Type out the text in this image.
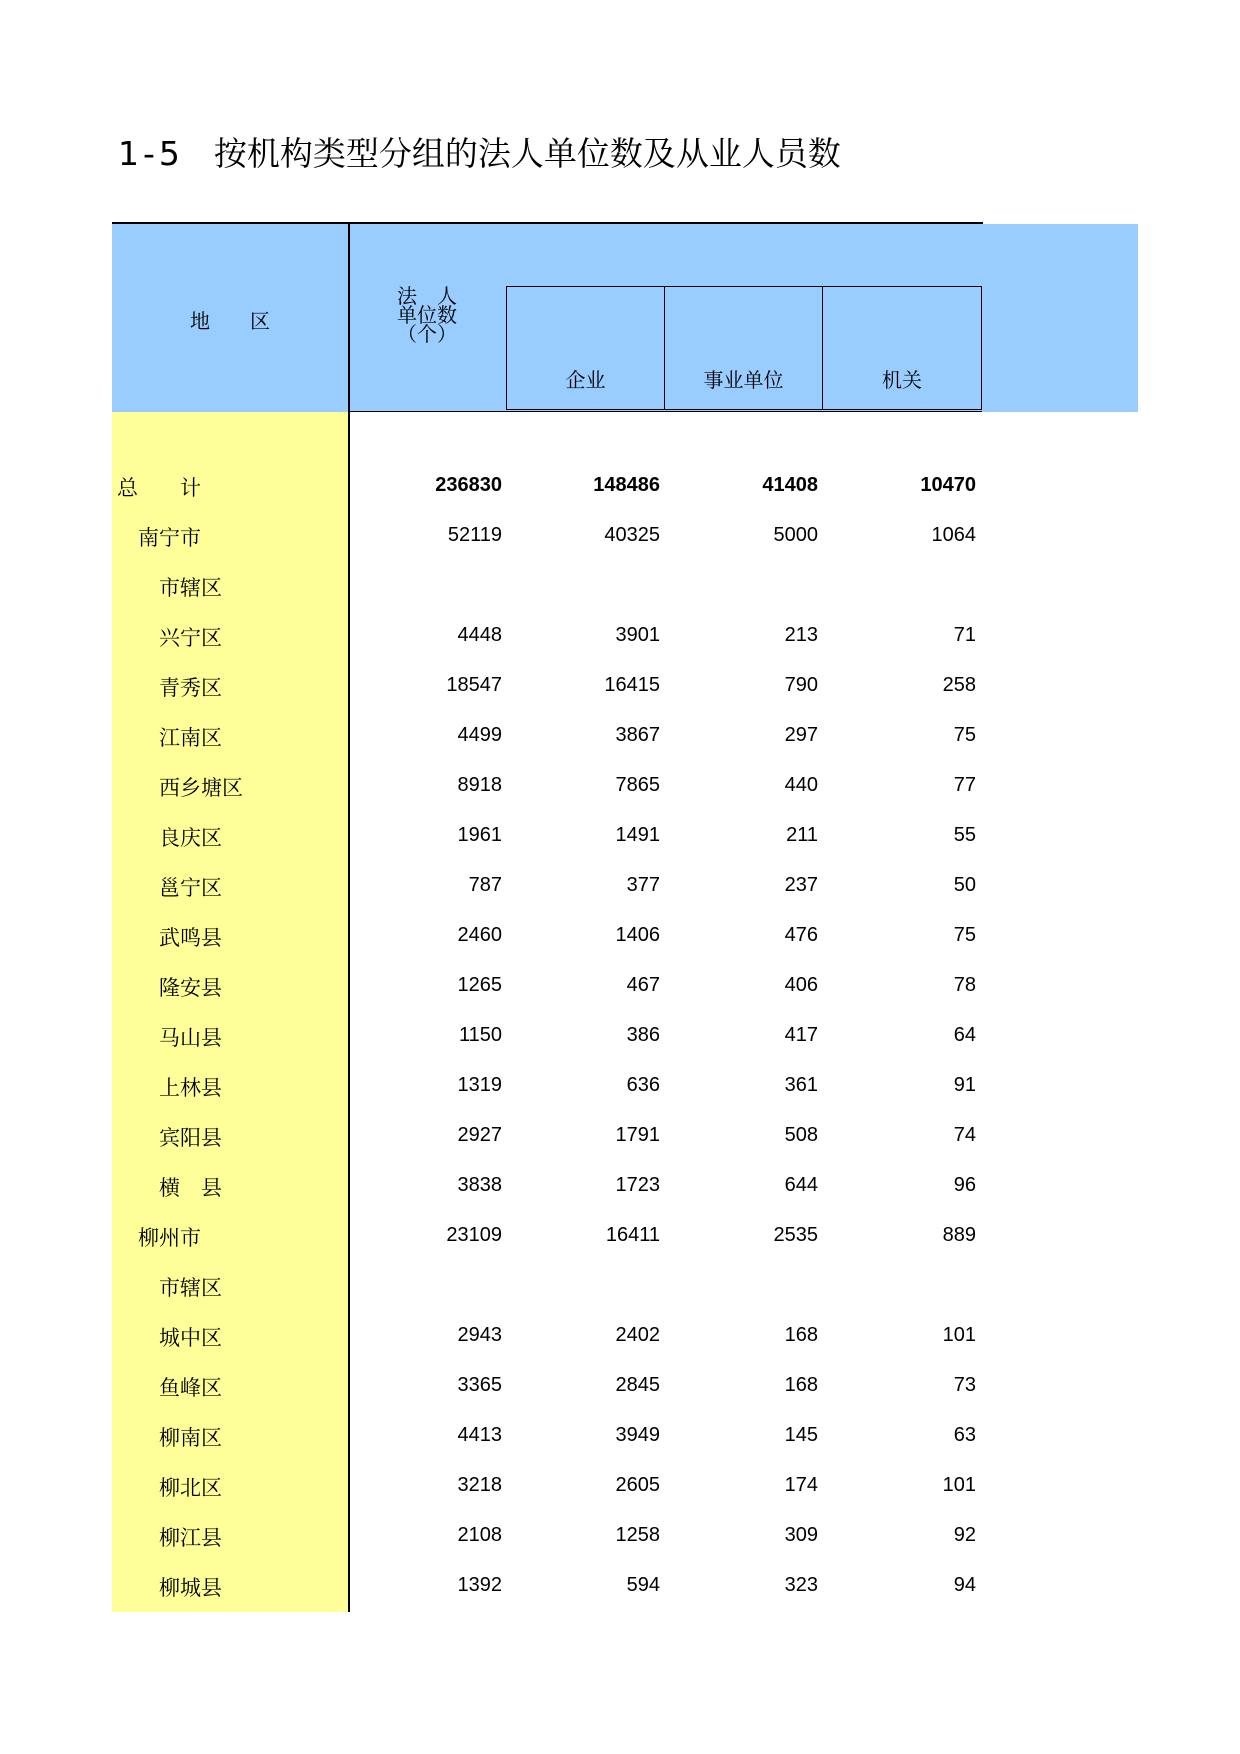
1-5 按机构类型分组的法人单位数及从业人员数
地　　区
法　人
单位数
（个）
企业	事业单位	机关
总　　计	236830	148486	41408	10470
南宁市	52119	40325	5000	1064
市辖区
兴宁区	4448	3901	213	71
青秀区	18547	16415	790	258
江南区	4499	3867	297	75
西乡塘区	8918	7865	440	77
良庆区	1961	1491	211	55
邕宁区	787	377	237	50
武鸣县	2460	1406	476	75
隆安县	1265	467	406	78
马山县	1150	386	417	64
上林县	1319	636	361	91
宾阳县	2927	1791	508	74
横　县	3838	1723	644	96
柳州市	23109	16411	2535	889
市辖区
城中区	2943	2402	168	101
鱼峰区	3365	2845	168	73
柳南区	4413	3949	145	63
柳北区	3218	2605	174	101
柳江县	2108	1258	309	92
柳城县	1392	594	323	94
